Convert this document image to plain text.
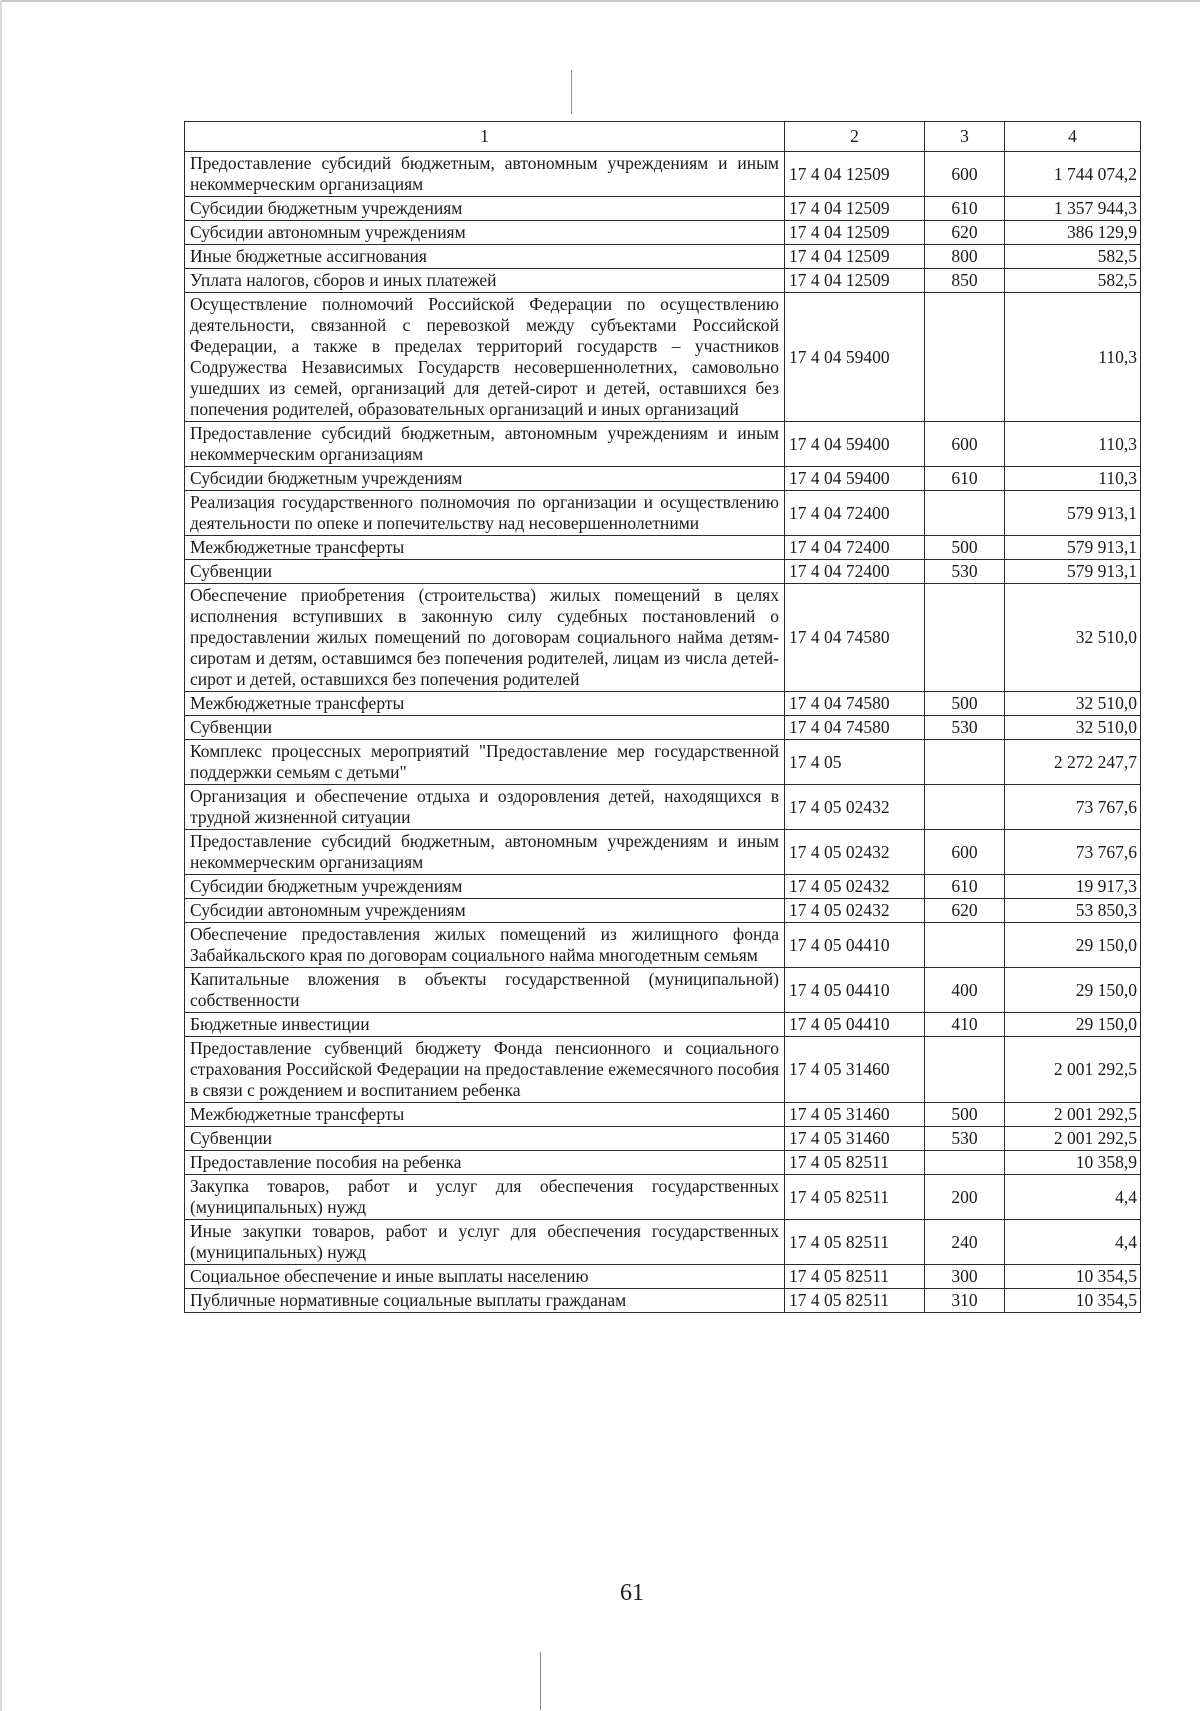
1	2	3	4
Предоставление субсидий бюджетным, автономным учреждениям и иным некоммерческим организациям	17 4 04 12509	600	1 744 074,2
Субсидии бюджетным учреждениям	17 4 04 12509	610	1 357 944,3
Субсидии автономным учреждениям	17 4 04 12509	620	386 129,9
Иные бюджетные ассигнования	17 4 04 12509	800	582,5
Уплата налогов, сборов и иных платежей	17 4 04 12509	850	582,5
Осуществление полномочий Российской Федерации по осуществлению деятельности, связанной с перевозкой между субъектами Российской Федерации, а также в пределах территорий государств – участников Содружества Независимых Государств несовершеннолетних, самовольно ушедших из семей, организаций для детей-сирот и детей, оставшихся без попечения родителей, образовательных организаций и иных организаций	17 4 04 59400		110,3
Предоставление субсидий бюджетным, автономным учреждениям и иным некоммерческим организациям	17 4 04 59400	600	110,3
Субсидии бюджетным учреждениям	17 4 04 59400	610	110,3
Реализация государственного полномочия по организации и осуществлению деятельности по опеке и попечительству над несовершеннолетними	17 4 04 72400		579 913,1
Межбюджетные трансферты	17 4 04 72400	500	579 913,1
Субвенции	17 4 04 72400	530	579 913,1
Обеспечение приобретения (строительства) жилых помещений в целях исполнения вступивших в законную силу судебных постановлений о предоставлении жилых помещений по договорам социального найма детям-сиротам и детям, оставшимся без попечения родителей, лицам из числа детей-сирот и детей, оставшихся без попечения родителей	17 4 04 74580		32 510,0
Межбюджетные трансферты	17 4 04 74580	500	32 510,0
Субвенции	17 4 04 74580	530	32 510,0
Комплекс процессных мероприятий "Предоставление мер государственной поддержки семьям с детьми"	17 4 05		2 272 247,7
Организация и обеспечение отдыха и оздоровления детей, находящихся в трудной жизненной ситуации	17 4 05 02432		73 767,6
Предоставление субсидий бюджетным, автономным учреждениям и иным некоммерческим организациям	17 4 05 02432	600	73 767,6
Субсидии бюджетным учреждениям	17 4 05 02432	610	19 917,3
Субсидии автономным учреждениям	17 4 05 02432	620	53 850,3
Обеспечение предоставления жилых помещений из жилищного фонда Забайкальского края по договорам социального найма многодетным семьям	17 4 05 04410		29 150,0
Капитальные вложения в объекты государственной (муниципальной) собственности	17 4 05 04410	400	29 150,0
Бюджетные инвестиции	17 4 05 04410	410	29 150,0
Предоставление субвенций бюджету Фонда пенсионного и социального страхования Российской Федерации на предоставление ежемесячного пособия в связи с рождением и воспитанием ребенка	17 4 05 31460		2 001 292,5
Межбюджетные трансферты	17 4 05 31460	500	2 001 292,5
Субвенции	17 4 05 31460	530	2 001 292,5
Предоставление пособия на ребенка	17 4 05 82511		10 358,9
Закупка товаров, работ и услуг для обеспечения государственных (муниципальных) нужд	17 4 05 82511	200	4,4
Иные закупки товаров, работ и услуг для обеспечения государственных (муниципальных) нужд	17 4 05 82511	240	4,4
Социальное обеспечение и иные выплаты населению	17 4 05 82511	300	10 354,5
Публичные нормативные социальные выплаты гражданам	17 4 05 82511	310	10 354,5
61
